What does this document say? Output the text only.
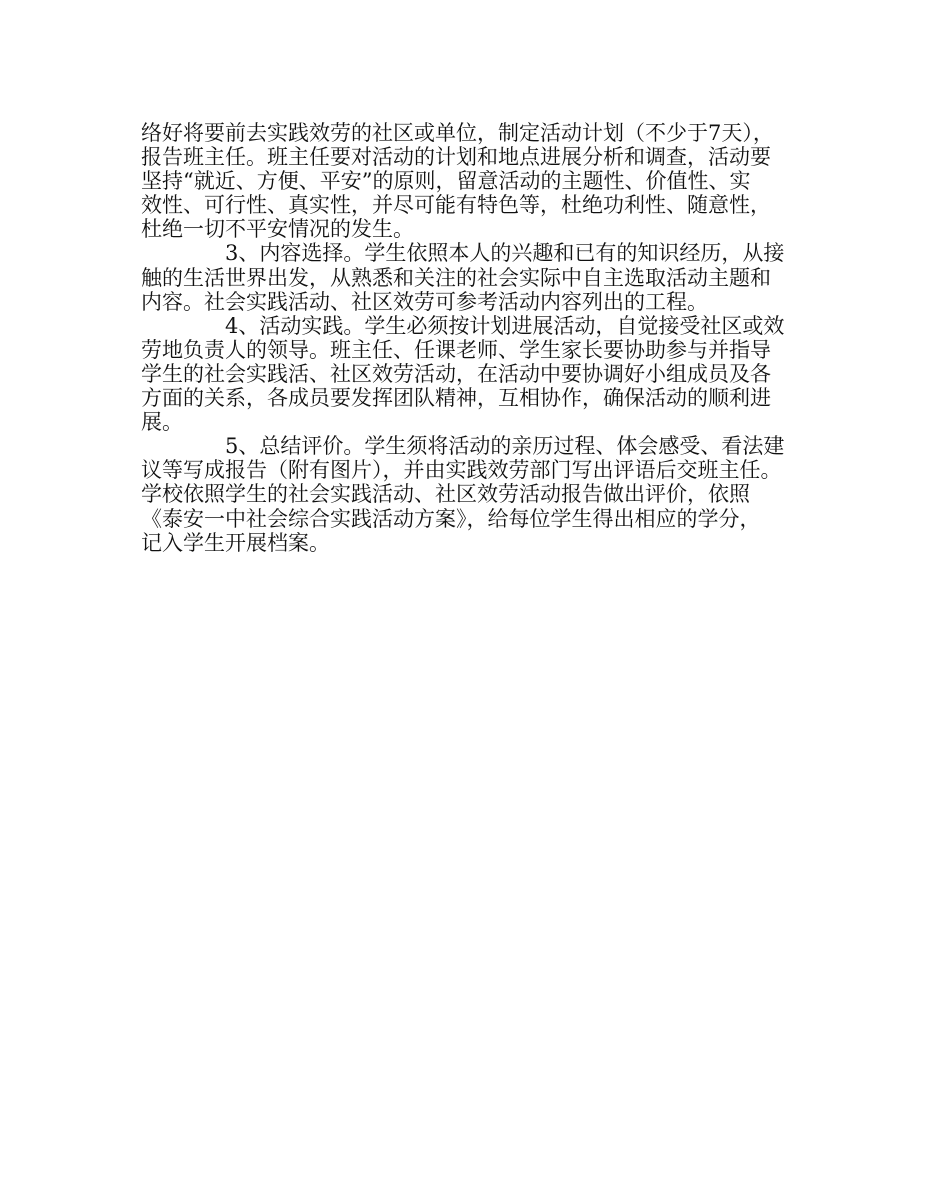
络好将要前去实践效劳的社区或单位，制定活动计划（不少于7天），
报告班主任。班主任要对活动的计划和地点进展分析和调查，活动要
坚持“就近、方便、平安”的原则，留意活动的主题性、价值性、实
效性、可行性、真实性，并尽可能有特色等，杜绝功利性、随意性，
杜绝一切不平安情况的发生。
3、内容选择。学生依照本人的兴趣和已有的知识经历，从接
触的生活世界出发，从熟悉和关注的社会实际中自主选取活动主题和
内容。社会实践活动、社区效劳可参考活动内容列出的工程。
4、活动实践。学生必须按计划进展活动，自觉接受社区或效
劳地负责人的领导。班主任、任课老师、学生家长要协助参与并指导
学生的社会实践活、社区效劳活动，在活动中要协调好小组成员及各
方面的关系，各成员要发挥团队精神，互相协作，确保活动的顺利进
展。
5、总结评价。学生须将活动的亲历过程、体会感受、看法建
议等写成报告（附有图片），并由实践效劳部门写出评语后交班主任。
学校依照学生的社会实践活动、社区效劳活动报告做出评价，依照
《泰安一中社会综合实践活动方案》，给每位学生得出相应的学分，
记入学生开展档案。
